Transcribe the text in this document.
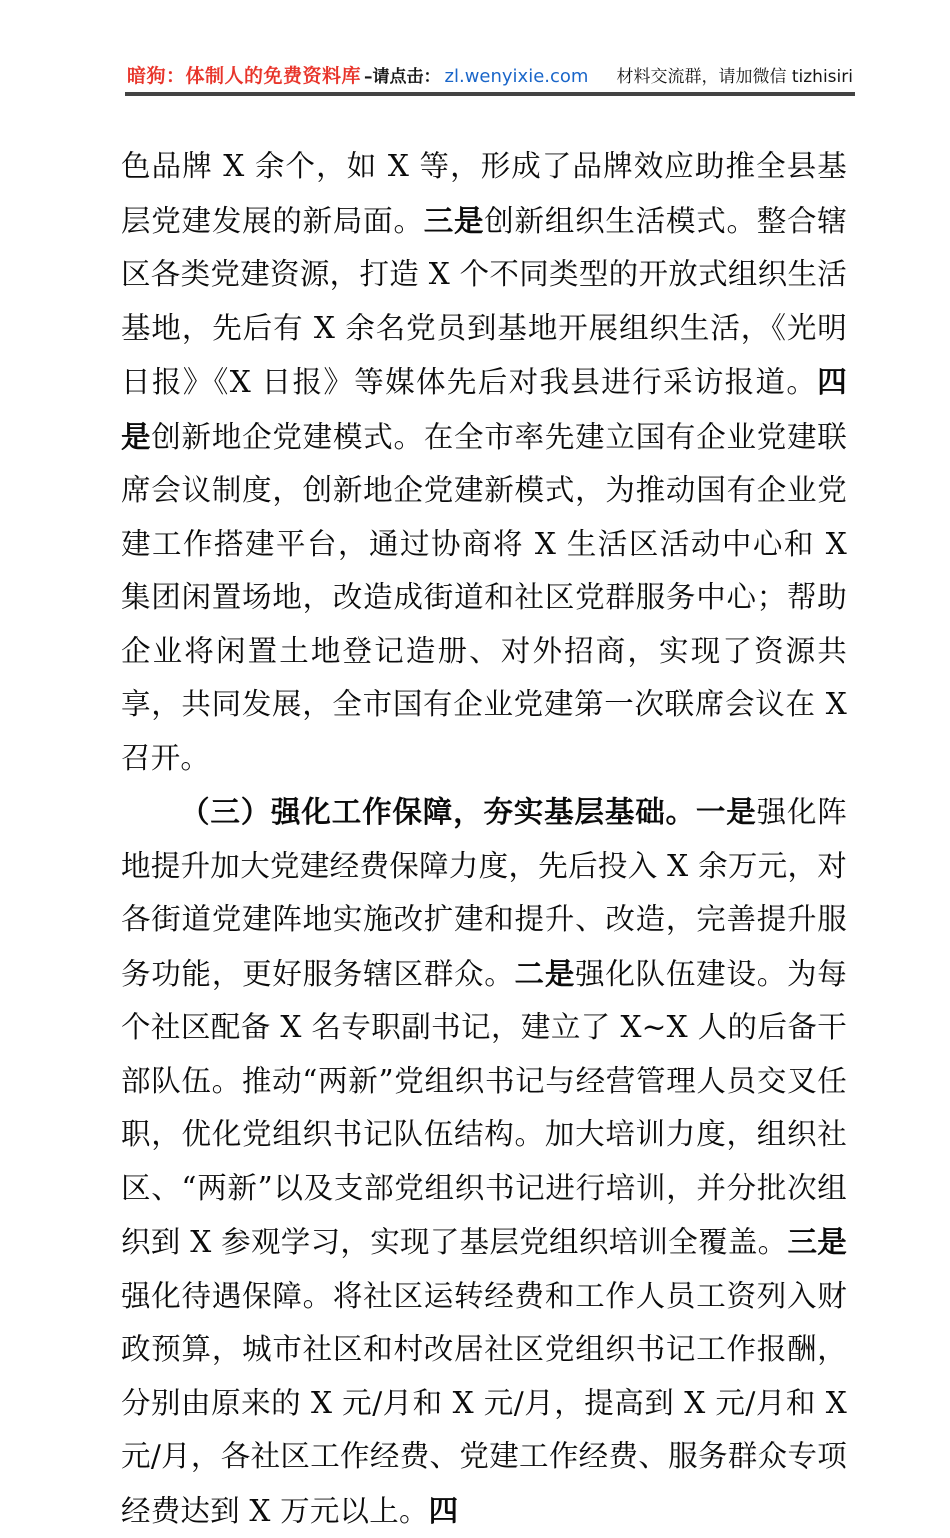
暗狗：体制人的免费资料库 –请点击： zl.wenyixie.com 材料交流群，请加微信 tizhisiri

色品牌 X 余个，如 X 等，形成了品牌效应助推全县基层党建发展的新局面。三是创新组织生活模式。整合辖区各类党建资源，打造 X 个不同类型的开放式组织生活基地，先后有 X 余名党员到基地开展组织生活，《光明日报》《X 日报》等媒体先后对我县进行采访报道。四是创新地企党建模式。在全市率先建立国有企业党建联席会议制度，创新地企党建新模式，为推动国有企业党建工作搭建平台，通过协商将 X 生活区活动中心和 X 集团闲置场地，改造成街道和社区党群服务中心；帮助企业将闲置土地登记造册、对外招商，实现了资源共享，共同发展，全市国有企业党建第一次联席会议在 X 召开。

（三）强化工作保障，夯实基层基础。一是强化阵地提升加大党建经费保障力度，先后投入 X 余万元，对各街道党建阵地实施改扩建和提升、改造，完善提升服务功能，更好服务辖区群众。二是强化队伍建设。为每个社区配备 X 名专职副书记，建立了 X~X 人的后备干部队伍。推动“两新”党组织书记与经营管理人员交叉任职，优化党组织书记队伍结构。加大培训力度，组织社区、“两新”以及支部党组织书记进行培训，并分批次组织到 X 参观学习，实现了基层党组织培训全覆盖。三是强化待遇保障。将社区运转经费和工作人员工资列入财政预算，城市社区和村改居社区党组织书记工作报酬，分别由原来的 X 元/月和 X 元/月，提高到 X 元/月和 X 元/月，各社区工作经费、党建工作经费、服务群众专项经费达到 X 万元以上。四
